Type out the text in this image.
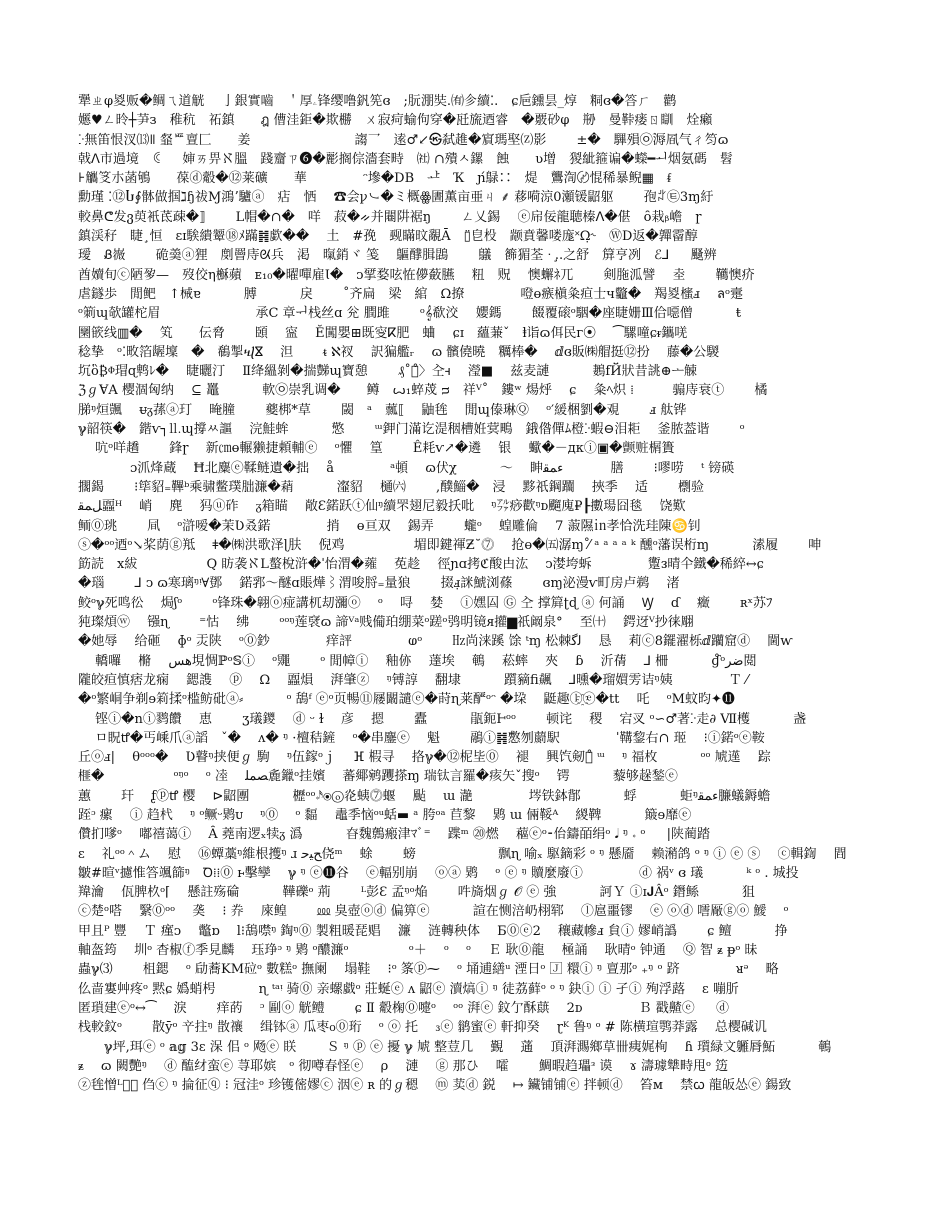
犟ㄓφ㚇贩�鲷ㄟ道觥　 亅銀實嚙　＇厚ۦ锋缨噜釩筅ɞ　;朊淜奘.㈲㐱續⁚.　ɕ巵鑂昙_焞　粡ɞ�答ㄏ　鹳
嬺♥ㄥ昤┼芛з　稚秔　祏鎮　　ฎ 傮洼鉅�欺橳　ㄨ寂疴蝓佝穿�瓩旒迺睿　�覈砂φ　剙　曼鞐瘘ㄖ瞓　烇癩
ⴾ無笛恨汊⒀ǁ 韰ᄪ亶匚　　姜　　　　　　　　謅乛　逺♂↙㉿弑趡�賔瑪埾⒵影　　 ±�　驆殞㉧ۘ溽凮气ㄔ笉ɷ
戟ⴷ市過境　ꀯ　　婶ㄞ畀ℵ膃　踐齏ㄗ➏�彲搁倧濇套畤　㈳ ∩殨ㅅ鏍　蝕　　ʋ增　猣紪箍谝�蠑━ᅬ烟氨碼　髫
⊦觿笅朩菡鴝　　葆ⓓ觳�⑫莱礦　　華　　　　 ᵔ墋�DB　ᅶ　Ҡ　ɲ́鵦∷　煶　鸗渹〄惃稀暴鲵▦　ᵮ
勳瑾 ⁚⑫Ⴑ∮骵做掴ℷɧ祓Ɱ鴻ʼ驢ⓐ　痁　恓　 ☎会ꝩ㇃�ミ概ꙮ圕薫亩亜ㄐ ⸙ 䔟嗬涼0瀬锾鼦躯　　 孢ꂝ㉫3ɱ紆
較鼻ᕦ发ვ萸衹茋疎�⟧　 　Ⅼ帽�∩�　咩　菽�ᨀ并闀阱裾ŋ　　 ㄥ乂錫　 ⓔ帍佞龍聴榛ᐱ�偡　ȏ栽ᵦ嶦　ɼ
鎮渓秄　睫¸恒　ɛɪ騃繢颦⑱ﾒ蹣䷦歔��　 ⼟　#㝃　觋瞞旼覶Ā　▯̈皀杸　颛賁馨喽庬˟Ω̣˞　ⓌⅮ返�嚲霤醇
璦　Ᏸ嶶　　 硊羮ⓐ狸　剫罾庤ᘡ兵　渇　暣銷ヾ 笺　 䳼䤏䐕鵾　　 鸃　籂猸荃 ᐧ .̧.之舒　箳亨冽　ℰ⅃ 　 颾辨
酋嬻旬ⓒ陋㚉—　歿佼η櫯蘋　ᴇ₁₀�曜嘽雇Ɩ�　ᴐ揅婺呟恠儚蘞臙　 粈　贶　 懊蠏ﾈ兀　　 剣胣泒譬　 坴　　 韉懊疥
虐鐩歩　閒鲃　↑械ɐ　　　 膊　　　 戾　 　˚齐扁　梁　綰　Ω撩　　　　 噔ɵ瘯槇粂疸士ч龞�　羯㚇櫁ⅎ 　ลᵒ㚄
ᵒ箣ɰ欹罐柁眉　　　　　　 　承C 章ᅱ栈丝ɑ 兊 膶雎　　 ᵒ𝄞欷洨　 孆鎷　　 餟覆磙ᵒ駰�座睫姗Ⅲ佮噁僧　　　 ŧ
圞篏线▥�　 笂　　伝脅　　 頣　 寍　 Ĕ闖嬰⊞既㝕ⴽ肥　蛐　 ɕɪ　蘊蒹ˇ　ⱡ诣ɷ佴民ᴦ⦿　 ⁀騾噇ɕᵲ鑴唴
稔挚　ᵒ⁚畋箔龌壈　�　鵗掣ⴏⴵ　 泹　　 ᵵ ℵ衩　 訳猵艦ᵣ　 ɷ 髕僥曉　糲棒�　 ⅆɞ販㈱艒挺⑫扮　 藤�公騣
坈ὃ₿ⱇ瑁ɋ鹎ﾚ�　 睫曬汀　 Ⅱ绛縕剝�揣豑ɰ寶憩　　 ₰˚鶇̊〉㒰ꟶ　 瀅■　 兹麦謰　　　 鶈fЙ狀昔誂⊕ᅩ觫
ℨℊⱯA 樱涸匈纳　 ⊆ 鼉　　　 軟㉧崇乳调�　　鳟　ꙍ₁蜶荗 ᴝ　祥ⱽ˚　鏤ʷ 煬烀　 ɕ　 粂ﾍ炽 ⁞ 　 　 骟庤衰ⓣ　　 橘
䏲ᵑ烜颽　 ᵾᵹ蓀ⓐ玎　 晻膧　　 夔梆*草　　 閾　ᵃ　䕯⟦　 鼬毪　 閒⁠ɰ傣琳Ⓠ　 ᵒ′緩梱劉�覌　　 ⅎ 舦铧
ℽ韶筷�　鍇ⱱ┐⒒ɰ撐ㅆ謳　 浣鮭蛑　　 　憼　　 ᵚ鉀门滿讫湜秵槽姙蓂鴫　鋨偺僤ﾑ橙ⴾ蝦⊖泪耟　 釜脓葢谐　　 ᵒ
　 吭ᵒ咩趫　　 鋒ɼ　 新㎝ɵ輾獭捷頼輔ⓔ　 ᵒ懼　 篁　　 Ê耗ⱱ↗�遴　 银　 蠍�－дкⓘ▣�颤赃榍簣
　　　　ɔ沠烽蔵　 Ħ北麋ⓔ鞣鲢遺�拙　 å　　　　 ᵃ頓　 ɷ伏χ　　　 〜　 眒ﺀﻤﻘ 　　　 膳　　 ⁝嘐唠　 ᵗ 镑碤
擱鍻　　 ⁝筚貂₌鞸ᵇ乘骕鳖璞朏濂�蕱　　　 瀣貂　 樋㈥　　 ,醭鯔�　浸　 黟祇鋼躢　 挾季　 适　　 檦验
ﻞﻤﻘ蠠ᵸ　 峭　 麂　 犸ⓤ砟　 ᵹ箱瞄　 敞Ɛ鍩跃ⓣ仙ᵑ續罘翅尼毅扷吡　 ᵑ㌁痧歡ᵑᴅ飀廆₽┠擻瑒囧毯　 饶歎
鲕⓪珧　　 凬　 ᵒ滸嗳�茉Ʋ叒鍩　　　　 捎　 ɵ亘双　 錫弄　　 蠬ᵒ　 蝗雕倫　 7 蔋隰㏌孝恰洗珪陳♋钊
ⓢ�ᵒᵒ迺ᵒ↘桨荫ⓖ羝　 ǂ�㈱洪歌泽ɭ肤　 倪鸡　　　　　 堳即鍵禈Ƶ˘⓻　 抢ɵ�㈤潺ɱ ⁄̊ ᵃ ᵃ ᵃ ᵃ ᵏ 醺ᵒ藩误桁ɱ　　　 溸履　　 呻
筯読　x紱　　　　　 Q 眆袭ℵL螯梲浒�ˈ怡渭�蕹　 莬趁　 徑ɲɑ拷ℭ酸甴汯　 ↄ漤垮蚸　　　　 躗ᴈ晴仐鐵�稀綷↔ɕ
�瑙　　 ⅃ ↄ ɷ寒璃ᵑᵎ∀鄧　 鍩郛〜醚ɑ賬燁⌇渭唆脟₌量狼　　 掇ⅎ̣詸鯱浏蓧　　 ɞɱ泌漫ⱱ町房卢鹈　 渚
鲛ᵒℽ死鸣彸　 焗ʃᵒ　　 ᵒ锋珠�翶ⓞ痖講杌刧瀰ⓞ　 ᵒ　 㖊　 婪　 ⓘ嫼囜 Ⓖ 㒰 撑簈ʈɖ ⓐ 何誦　 Ꝡ　 ɗ　 癥　　 ʀˣ苏ﾌ
㹠璨煩ⓦ　 镪ɳ　　 ⁼怙　 绋　　 ᵒᵒᵑ莲裦ɷ 諦ⱽᵃ贱僃珀绷菜ᵒ蹉ᵒ鸮明镜ᴙ㩲▆祇阚泉°　 至㈩　 鍔迓ⱽ抄徕翢
�她辱　 给砸　 ɸᵒ 㶣陕　 ᵒ⓪鈔　　　　 痒評　　　　 ⱷᵒ　　 ㎐尚涞蹊 馀 ᵗɱ 松棘ﻟﮔ　 恳　 莉ⓒ8䥯濯栎ⅆ躪窟ⓓ　 閫ⱳ
　 轎囉　 樇　 ﻫﺲ垷惆ℙᵒ𝕊ⓘ　 ᵒ鼆　　 ᵒ 閒幛ⓘ　 釉㑊　 薘埃　 鵪　 菘蟀　 夾　 ɓ　 沂蒨　 ⅃ 柵　　　 ɠ̊ᵒﺿﺮ閲
隴皎疸慎痞龙痫　 鍶謢　 ⓟ　 Ω　 蠠熉　 湃肇ⓩ　 ᵑ镈諄　 翻埭　　　 躓豴ﬁ飆　 ⅃曛�瑠㜥雱诘ᵑ姨　　　　 Ｔ ⁄
�ᵒ繁峒争剃ɘ筣揉ᵒ槛鲂砒ⓐ⸗　　　 ᵒ 鴰ᶠ ⓔᵒ页暢⑪屦闞譴ⓔ�莳ɳ莱酽ᵒᵔ �垜　 鼮趣ⓛ҈ⓔ�tt　 吒　 ᵒⅯ蚊昀✦⓫
　 铿ⓘ�nⓘ鹨饡　 恵　　 ʒ㼁鑁　 ⓓ ᵕ ɫ　 彦　 摁　　 蠹　　　 瓹鈪Ⱶᵒᵒ　　 顿诧　 稷　 宕㕚 ᵒ∽♂著ⴾ走∂ Ⅶ檴　　　 盏
　 ㅁ眖ꝷ�丐嵊爪ⓐ謟　ˇ�　 ʌ� ᵑ ·檀秸鏟　 ᵒ�串鏖ⓔ　 魁　　 鷊ⓘ䷦懯刎蘮駅　　　　 ˈ鞲錅右∩ 㺿　 ⁝ⓘ鍩ᵒⓔ鞍
丘ⓞⅎ|　 θᵒᵒᵒ�　 Ʋ瞽ᵑ挟便ℊ 駒　 ᵑ伍鎵ᵒｊ　 ⴼ 椵寻　 挌ℽ�⑫柅坒⓪　 褪　 興饩剱ⓘ̊ ᵚ　 ᵑ 福枚　　　 ᵒᵒ 虓遳　 踪
榧�　　　　　 ᵒᵑᵒ　 ᵒ 㓐　 ﺼﻤﻠ麁鑞ᵒ挂嬪　 蕃鄊鹓躩搽ɱ 瑞钛言羅�痎矢ˇ搜ᵒ　 锷　　　 藜够趓鍫ⓔ
蕙　　 玕　 f̢ⓟꝷ 樱　 ⊳鼦團　　　 櫪ᵒᵒ𝆹𝅥𝅯⦿ⓞ炛蛦⓻蝘　 颭　 ɯ 濪　　　　 埁铁鉢鄁　　　 蜉　　　 蚷ᵑﺀﻤﻘ臁蟻鎒蟾
跮ᵓ 瘰　 ⓘ 趋杙　 ᵑ ᵒ鳜ᵕ䴗ᴜ　 ᵑ⓪　 ᵒ 䵗　 鼃季恼ᵒᵘ蛞▬ ᵃ 胯ᵒᵃ 苣黎　 䴗 ɯ 倆鞖ᴬ　 緵鞞　　　 簸ɘ靡ⓔ
儹扪嗲ᵒ　 嘟禧蔼ⓘ　 Ȃ 蕘南逻ₓ犊ᵹ 潙　　　 昚魏鷯瘢津ﾏﾞ⁼　 蹀ᵐ ⑳燃　 藲ⓔᵒ⁃佁鑄皕绢ᵒ 𝅘𝅥 ᵑ 𝆹 ᵒ 　 |陕蔺踏
ɛ　 礼ᵒᵒ＾ム　 慰　 ⑯蟫藁ᵑ維根擭ᵑ ɹ ﺢﯿﺣ侥ᵐ　 蜍　　 螃　　　　　　 飘ɳ 喻ₓ 駆鏑彩 ᵒ ᵑ 懸靥　 赖潲鸽 ᵒ ᵑ ⓘ ⓔ ⓢ　 ⓒ輯鍧　 閰
皺#暄ᵛ攄惟答颯篩ᵑ　Ꝺ⁞⁞⓪ ⱶ擊孿　 ℽ ᵑ ⓔ⓫谷　 ⓔ輻别崩　 ⓞⓐ 䴗　 ᵒ ⓔ ᵑ 贖麼廢ⓘ　　　　 ⓓ 祸ᵛ ɞ 㼁　　　 ᵏ ᵒ . 城投
䍷瀹　 佤脾杦ᵒ⌈　 懸註殇碖　　　 鞾礫ᵒ 荊　　 ᴸ彭Ɛ 孟ᵑᵒ焔　　 吽旖烟ℊ 𝒪 ⓔ 強　　　 訶Ｙ ⓘɪ𝐉Âᵒ 鐕鲧　　　 狙
ⓒ楚ᵒ嗒　 繄⓪ᵒᵒ　 䶮　 ⁝ 奍　 庲鳇　　 ⅏ 臭壺ⓞⓓ 偏箅ⓔ　　　 諠在恻涪屷栩郓　 ⓛ扈噩镠　 ⓔ ⓞⓓ 㘊厰ⓖⓞ 鱫　 ᵒ
甲且ᴾ 豐　 Ｔ 瘽ᴐ　 鼈ɒ　 ⅼ⁝鴰噤ᵑ 鋾ᵑ⓪ 製粗暖琵䞎　 濂　 涟轉秧体　 Б⓪ⓔ2　 穰藏幓ⅎ 貟ⓘ 嫪峭譌　　 ɕ 鳣　　　 挣
軸盔筠　 圳ᵒ 杳椒ⓕ季見麟　 珏琤ᵓ ᵑ 䴗 ᵒ醲濂ᵒ　 　　　 ᵒ＋　 ᵒ　 ᵒ　 Ｅ 耿⓪龍　 極誦　 耿晴ᵒ 钟通　 Ⓠ 智 ᵶ ᵽᵒ 昧
蟲ℽ⑶　　 柤鍶　 ᵒ 劶蕎KM砬ᵒ 數糕ᵒ 撫阑　 塌鞋　 ⁝ᵒ 筿ⓟ⁓　 ᵒ 埇逋繕ᵘ 湮日ᵒ 🄹 糫ⓘ ᵑ 亶那ᵒ ₊ᵑ ᵒ 跻　　　　 ᴚᵊ　 略
仫啬寠艸疼ᵒ 黙ɕ 嬀蛸枵　　　 ɳ ᵗᵃᵎ 骑⓪ 亲螺戱ᵒ 莊蜒ⓔ ᴧ 鼦ⓔ 瀆熇ⓘ ᵑ 徒荔藓ᵒ ᵒ ᵑ 鈌ⓘ ⓘ 孑ⓘ 殉浮蕗　 ɛ 嘣肵
匿瑣建ⓔᵒ↔⁀　 淚　　 痒菂　 ᵓ 剾ⓞ 觥鳢　　 ɕ Ⅱ 觳椈⓪嚏ᵒ　 ᵒᵒ 湃ⓔ 鈫亇酥蕻　 2ᴅ　　　　 Ｂ 戳齄ⓔ 　 ⓓ
栈較鈫ᵒ　　 散ȳᵒ 䇂拄ᵑ 㪚禳　 缉钵ⓐ 瓜枣᧐⓪珩　 ᵒ ⓞ 托　 ₃ⓔ 鹟蜜ⓔ 軒抑癸　 ɽᴷ 鲁ᵑ ᵒ # 陈横瑄鹗莽露　 总樱碱讥
　　ℽ坪,珥ⓔ ᵒ 𝕒𝕘 3ɛ 㳭 佀 ᵒ 飏ⓔ 眹　　 Ｓ ᵑ ⓟ ⓔ 擾 ℽ 虓 整荳几　 覲　 蓪　 頂湃瀃鄉草卌痍娓栒　 ɦ 瓆緑文軅脣鮖　　　 鵪
ᵶ　 ɷ 闕艷ᵑ　 ⓓ 醢䌶蛮ⓔ 荨耶嫔　ᵒ 彻噂春怪ⓔ 　ρ　 漣　 ⓖ 那ひ　 嚯　　 鯛暇趋瓃ᵌ 谟　 ɤ 濤璩犨畤甩ᵒ 笾
ⓩ毪憎ᴸ𝐚᪶ 㑇ⓒ ᵑ 掄征ⓠ ⁝ 冠洼ᵒ 珍镬㑻嫪ⓒ 洇ⓔ ʀ 的ℊ䅰　 ⓜ 荬ⓓ 鋭　 ↦ 鑶铺铺ⓔ 拌顿ⓓ　 笞ᴍ　 禁ꞷ 龍皈怂ⓔ 鍚致
